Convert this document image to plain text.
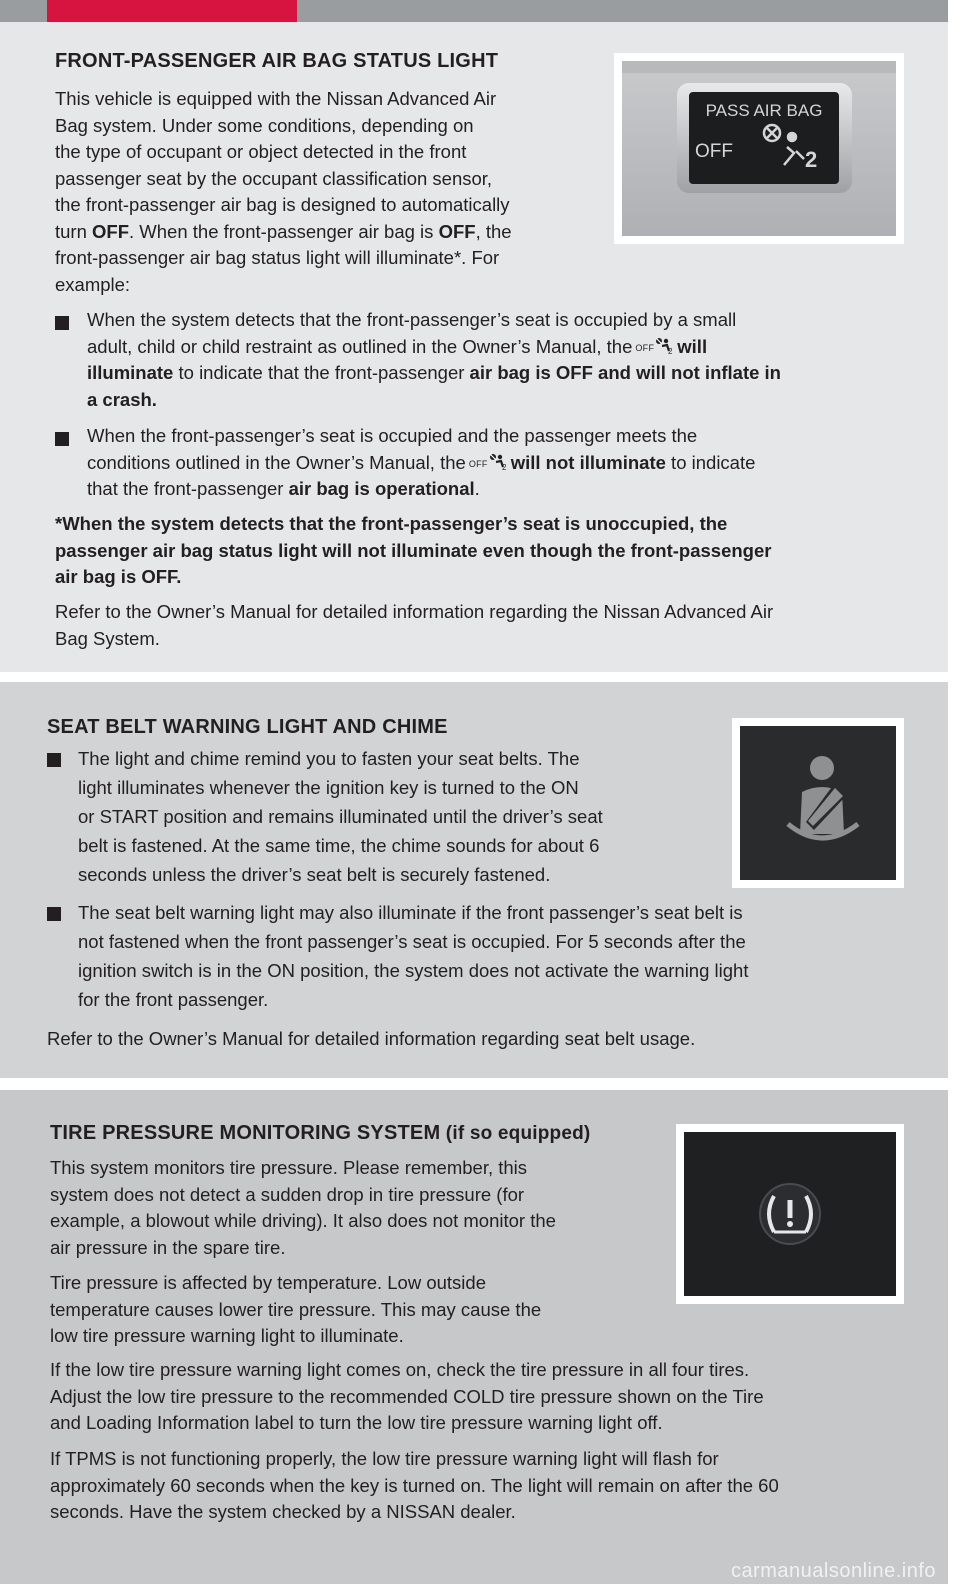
FRONT-PASSENGER AIR BAG STATUS LIGHT

This vehicle is equipped with the Nissan Advanced Air

Bag system. Under some conditions, depending on

the type of occupant or object detected in the front

passenger seat by the occupant classification sensor,

the front-passenger air bag is designed to automatically

turn OFF. When the front-passenger air bag is OFF, the

front-passenger air bag status light will illuminate*. For

example:

PASS AIR BAG
OFF	2

When the system detects that the front-passenger’s seat is occupied by a small

adult, child or child restraint as outlined in the Owner’s Manual, the $^{OFF}$ 2 will

illuminate to indicate that the front-passenger air bag is OFF and will not inflate in

a crash.

When the front-passenger’s seat is occupied and the passenger meets the

conditions outlined in the Owner’s Manual, the $^{OFF}$ 2 will not illuminate to indicate

that the front-passenger air bag is operational.

*When the system detects that the front-passenger’s seat is unoccupied, the

passenger air bag status light will not illuminate even though the front-passenger

air bag is OFF.

Refer to the Owner’s Manual for detailed information regarding the Nissan Advanced Air

Bag System.

SEAT BELT WARNING LIGHT AND CHIME

The light and chime remind you to fasten your seat belts. The

light illuminates whenever the ignition key is turned to the ON

or START position and remains illuminated until the driver’s seat

belt is fastened. At the same time, the chime sounds for about 6

seconds unless the driver’s seat belt is securely fastened.

The seat belt warning light may also illuminate if the front passenger’s seat belt is

not fastened when the front passenger’s seat is occupied. For 5 seconds after the

ignition switch is in the ON position, the system does not activate the warning light

for the front passenger.

Refer to the Owner’s Manual for detailed information regarding seat belt usage.

TIRE PRESSURE MONITORING SYSTEM (if so equipped)

This system monitors tire pressure. Please remember, this

system does not detect a sudden drop in tire pressure (for

example, a blowout while driving). It also does not monitor the

air pressure in the spare tire.

Tire pressure is affected by temperature. Low outside

temperature causes lower tire pressure. This may cause the

low tire pressure warning light to illuminate.

If the low tire pressure warning light comes on, check the tire pressure in all four tires.

Adjust the low tire pressure to the recommended COLD tire pressure shown on the Tire

and Loading Information label to turn the low tire pressure warning light off.

If TPMS is not functioning properly, the low tire pressure warning light will flash for

approximately 60 seconds when the key is turned on. The light will remain on after the 60

seconds. Have the system checked by a NISSAN dealer.

carmanualsonline.info
